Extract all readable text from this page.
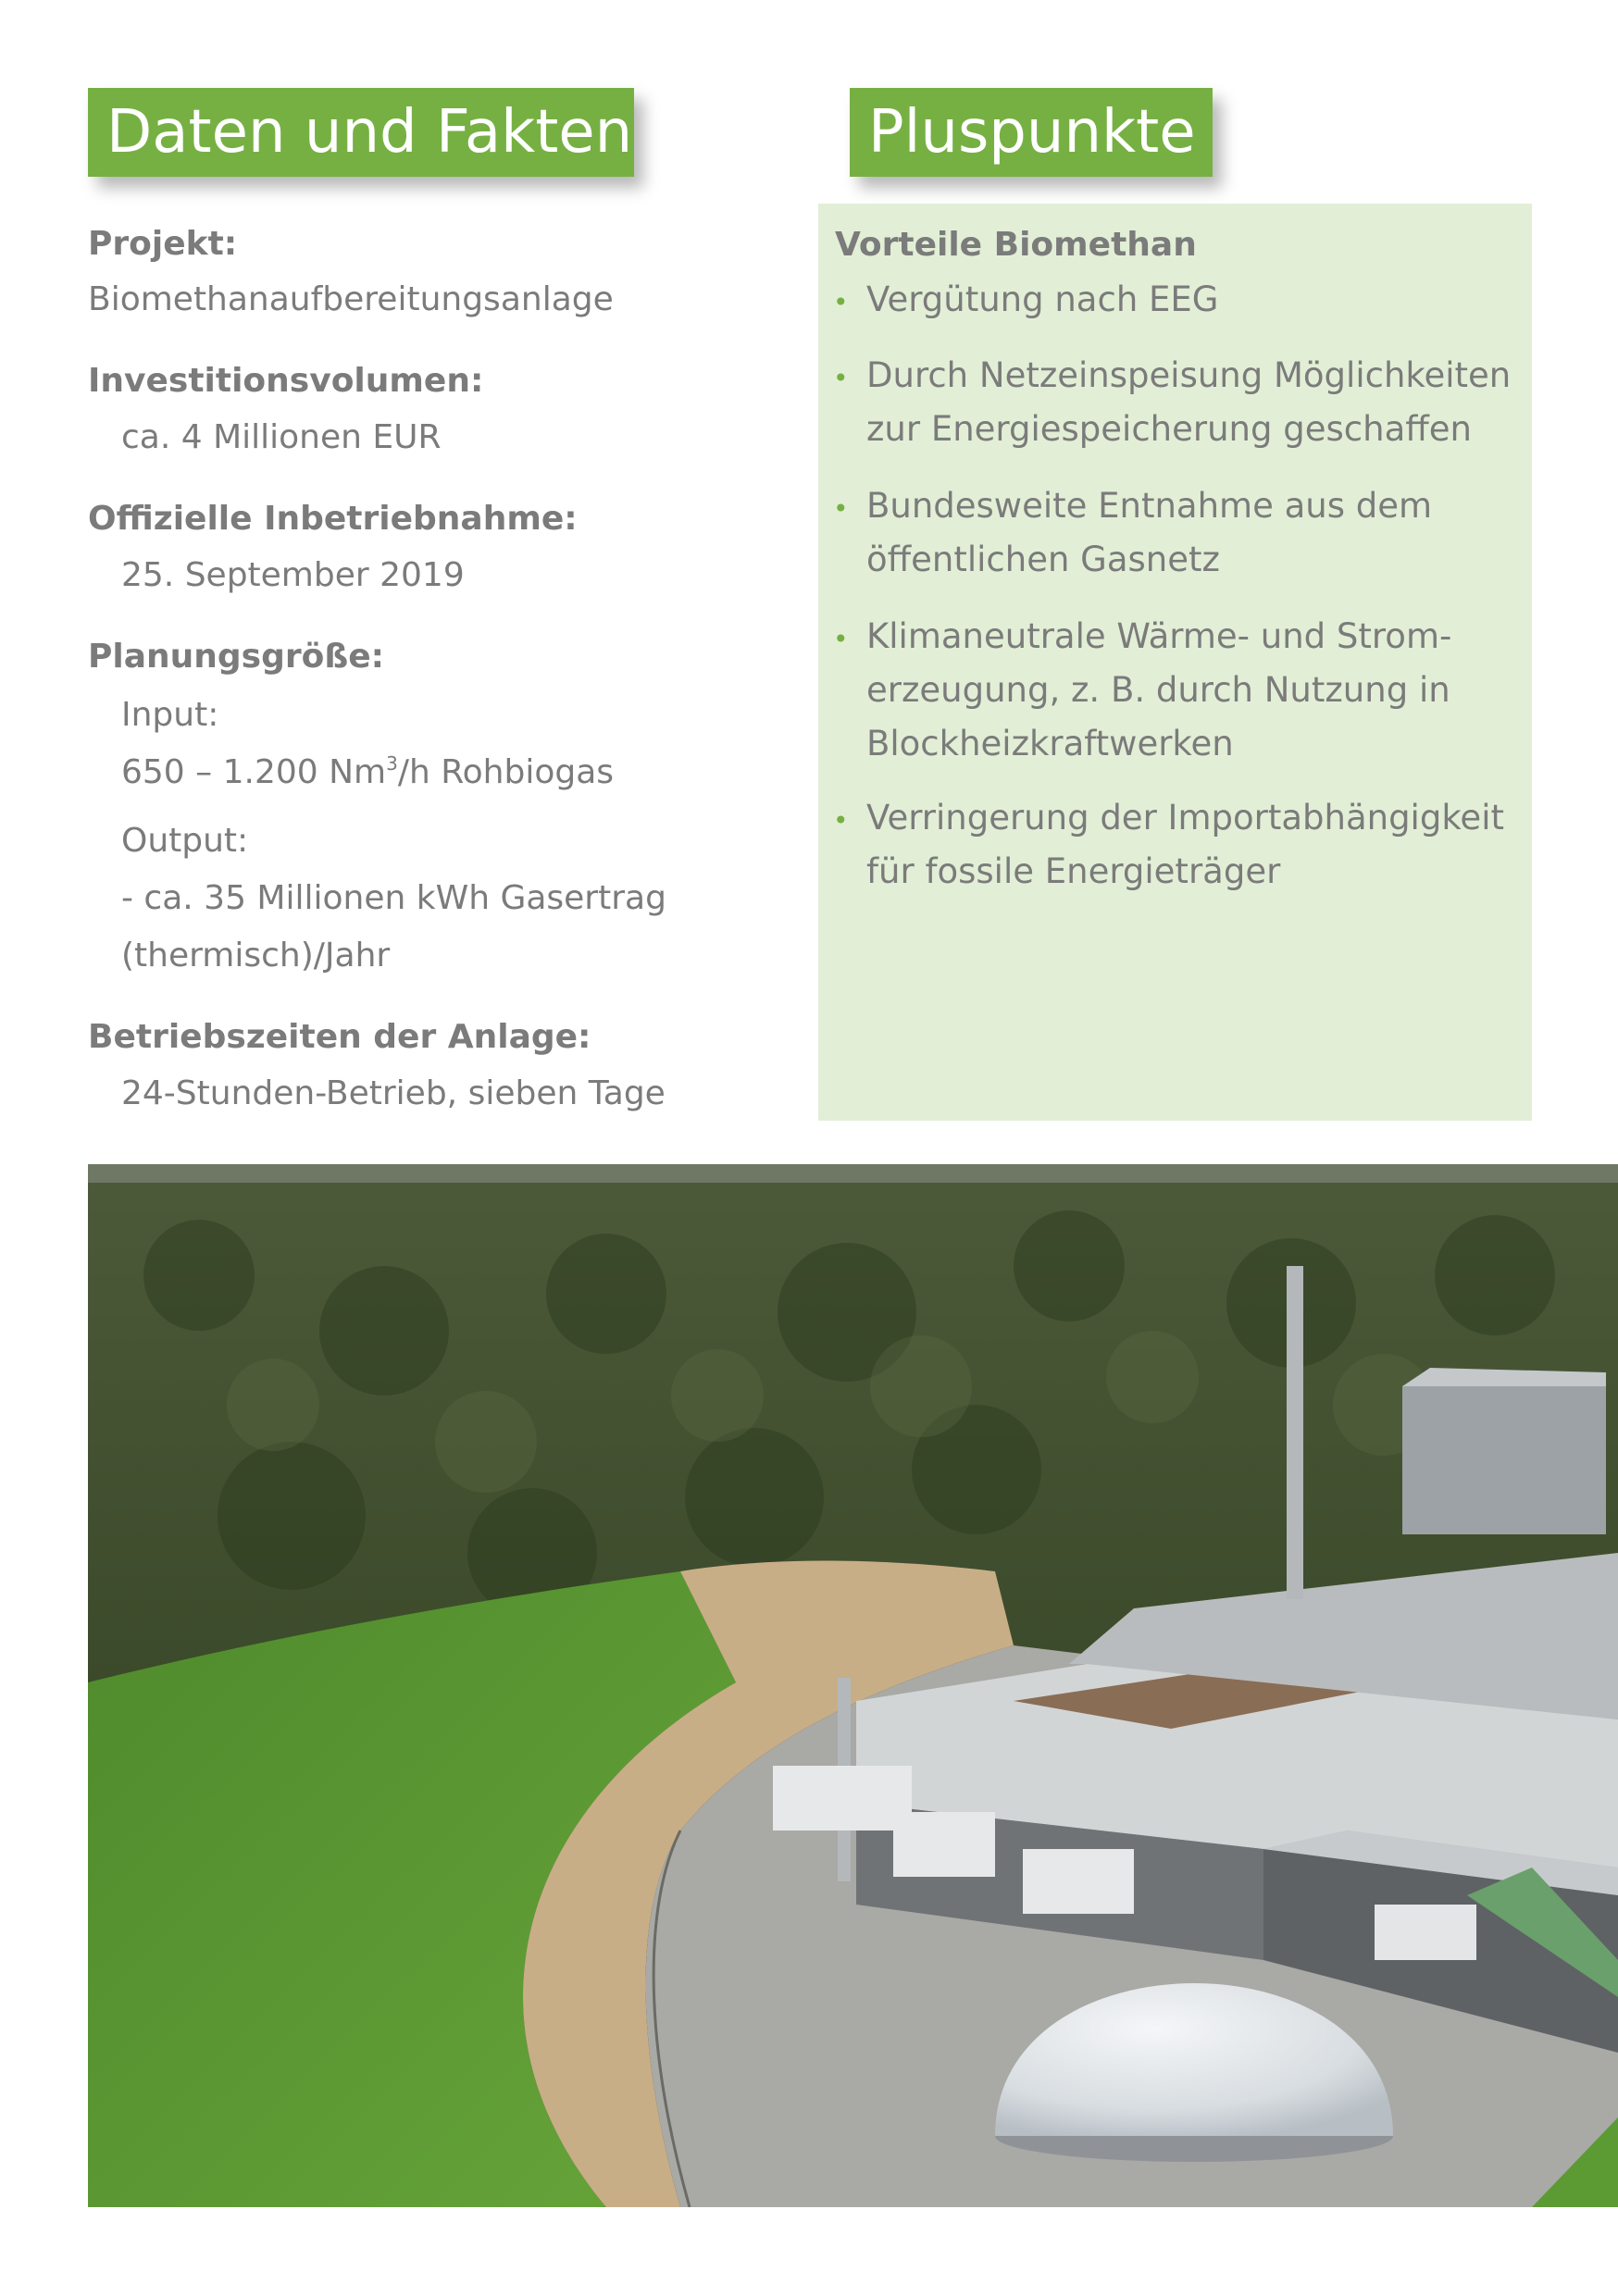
Daten und Fakten	Pluspunkte
Projekt:
Biomethanaufbereitungsanlage
Investitionsvolumen:
ca. 4 Millionen EUR
Offizielle Inbetriebnahme:
25. September 2019
Planungsgröße:
Input:
650 – 1.200 Nm$^3$/h Rohbiogas
Output:
- ca. 35 Millionen kWh Gasertrag
(thermisch)/Jahr
Betriebszeiten der Anlage:
24-Stunden-Betrieb, sieben Tage
Vorteile Biomethan
• Vergütung nach EEG
• Durch Netzeinspeisung Möglichkeiten
zur Energiespeicherung geschaffen
• Bundesweite Entnahme aus dem
öffentlichen Gasnetz
• Klimaneutrale Wärme- und Strom-
erzeugung, z. B. durch Nutzung in
Blockheizkraftwerken
• Verringerung der Importabhängigkeit
für fossile Energieträger
